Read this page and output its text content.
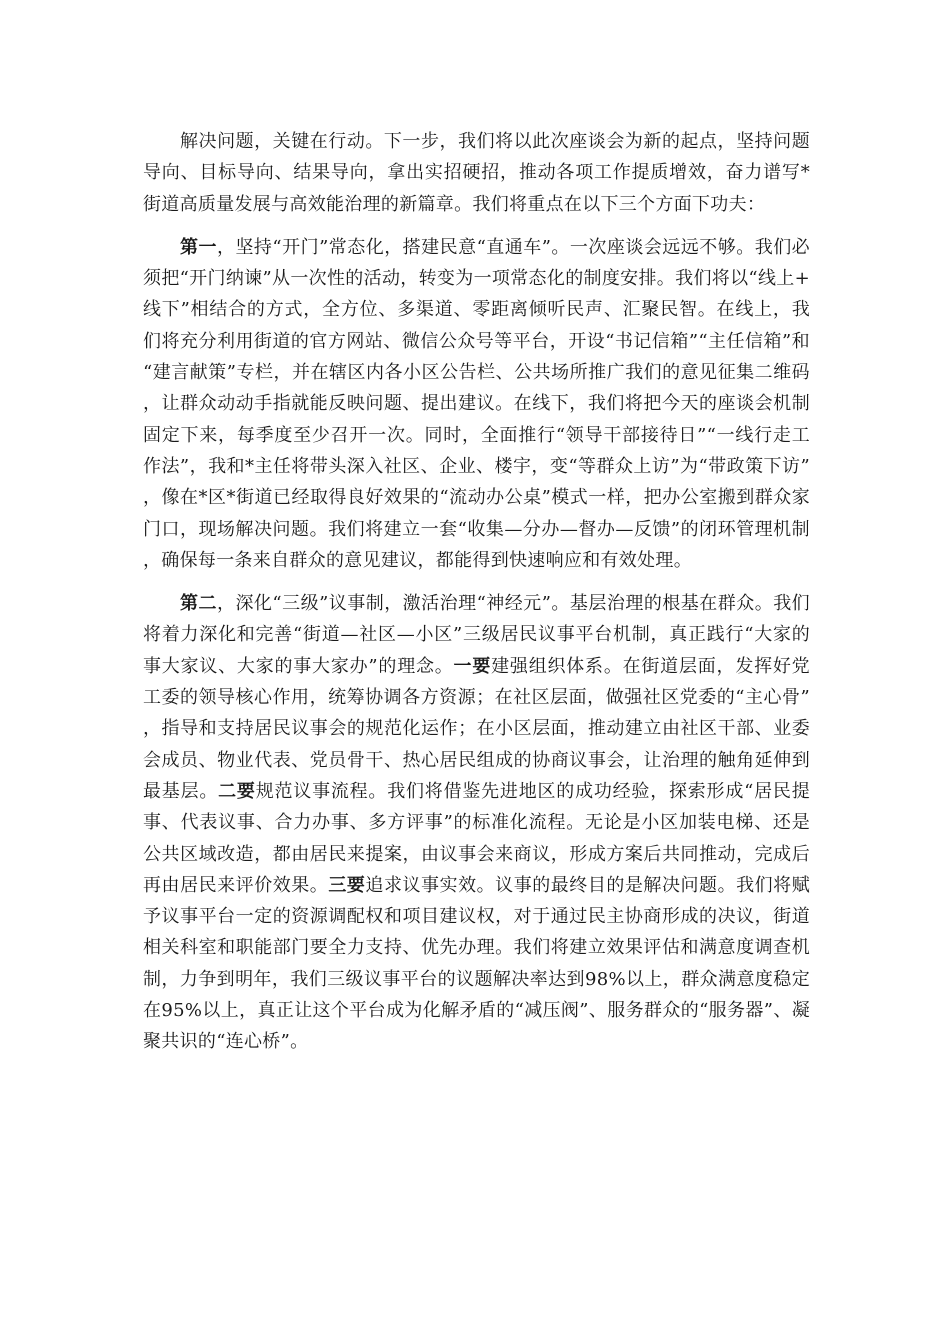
解决问题，关键在行动。下一步，我们将以此次座谈会为新的起点，坚持问题导向、目标导向、结果导向，拿出实招硬招，推动各项工作提质增效，奋力谱写*街道高质量发展与高效能治理的新篇章。我们将重点在以下三个方面下功夫：

第一，坚持“开门”常态化，搭建民意“直通车”。一次座谈会远远不够。我们必须把“开门纳谏”从一次性的活动，转变为一项常态化的制度安排。我们将以“线上+线下”相结合的方式，全方位、多渠道、零距离倾听民声、汇聚民智。在线上，我们将充分利用街道的官方网站、微信公众号等平台，开设“书记信箱”“主任信箱”和“建言献策”专栏，并在辖区内各小区公告栏、公共场所推广我们的意见征集二维码，让群众动动手指就能反映问题、提出建议。在线下，我们将把今天的座谈会机制固定下来，每季度至少召开一次。同时，全面推行“领导干部接待日”“一线行走工作法”，我和*主任将带头深入社区、企业、楼宇，变“等群众上访”为“带政策下访”，像在*区*街道已经取得良好效果的“流动办公桌”模式一样，把办公室搬到群众家门口，现场解决问题。我们将建立一套“收集—分办—督办—反馈”的闭环管理机制，确保每一条来自群众的意见建议，都能得到快速响应和有效处理。

第二，深化“三级”议事制，激活治理“神经元”。基层治理的根基在群众。我们将着力深化和完善“街道—社区—小区”三级居民议事平台机制，真正践行“大家的事大家议、大家的事大家办”的理念。一要建强组织体系。在街道层面，发挥好党工委的领导核心作用，统筹协调各方资源；在社区层面，做强社区党委的“主心骨”，指导和支持居民议事会的规范化运作；在小区层面，推动建立由社区干部、业委会成员、物业代表、党员骨干、热心居民组成的协商议事会，让治理的触角延伸到最基层。二要规范议事流程。我们将借鉴先进地区的成功经验，探索形成“居民提事、代表议事、合力办事、多方评事”的标准化流程。无论是小区加装电梯、还是公共区域改造，都由居民来提案，由议事会来商议，形成方案后共同推动，完成后再由居民来评价效果。三要追求议事实效。议事的最终目的是解决问题。我们将赋予议事平台一定的资源调配权和项目建议权，对于通过民主协商形成的决议，街道相关科室和职能部门要全力支持、优先办理。我们将建立效果评估和满意度调查机制，力争到明年，我们三级议事平台的议题解决率达到98%以上，群众满意度稳定在95%以上，真正让这个平台成为化解矛盾的“减压阀”、服务群众的“服务器”、凝聚共识的“连心桥”。
